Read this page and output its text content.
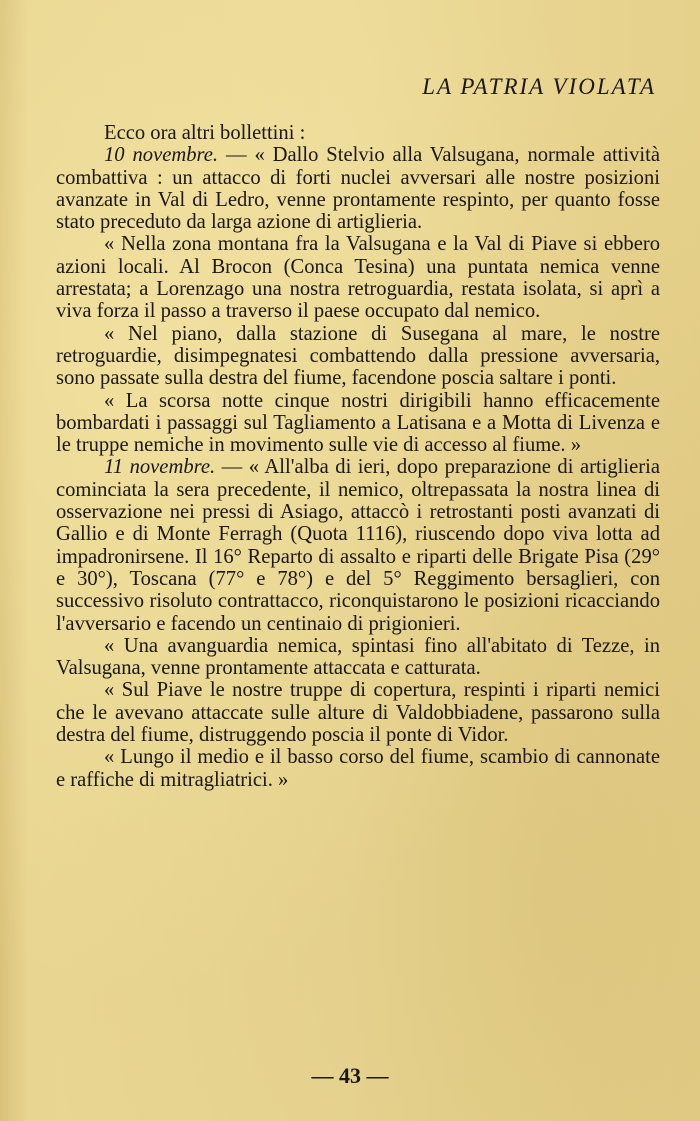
LA PATRIA VIOLATA

Ecco ora altri bollettini :

10 novembre. — « Dallo Stelvio alla Valsugana, normale attività combattiva : un attacco di forti nuclei avversari alle nostre posizioni avanzate in Val di Ledro, venne prontamente respinto, per quanto fosse stato preceduto da larga azione di artiglieria.

« Nella zona montana fra la Valsugana e la Val di Piave si ebbero azioni locali. Al Brocon (Conca Tesina) una puntata nemica venne arrestata; a Lorenzago una nostra retroguardia, restata isolata, si aprì a viva forza il passo a traverso il paese occupato dal nemico.

« Nel piano, dalla stazione di Susegana al mare, le nostre retroguardie, disimpegnatesi combattendo dalla pressione avversaria, sono passate sulla destra del fiume, facendone poscia saltare i ponti.

« La scorsa notte cinque nostri dirigibili hanno efficacemente bombardati i passaggi sul Tagliamento a Latisana e a Motta di Livenza e le truppe nemiche in movimento sulle vie di accesso al fiume. »

11 novembre. — « All'alba di ieri, dopo preparazione di artiglieria cominciata la sera precedente, il nemico, oltrepassata la nostra linea di osservazione nei pressi di Asiago, attaccò i retrostanti posti avanzati di Gallio e di Monte Ferragh (Quota 1116), riuscendo dopo viva lotta ad impadronirsene. Il 16° Reparto di assalto e riparti delle Brigate Pisa (29° e 30°), Toscana (77° e 78°) e del 5° Reggimento bersaglieri, con successivo risoluto contrattacco, riconquistarono le posizioni ricacciando l'avversario e facendo un centinaio di prigionieri.

« Una avanguardia nemica, spintasi fino all'abitato di Tezze, in Valsugana, venne prontamente attaccata e catturata.

« Sul Piave le nostre truppe di copertura, respinti i riparti nemici che le avevano attaccate sulle alture di Valdobbiadene, passarono sulla destra del fiume, distruggendo poscia il ponte di Vidor.

« Lungo il medio e il basso corso del fiume, scambio di cannonate e raffiche di mitragliatrici. »

— 43 —
